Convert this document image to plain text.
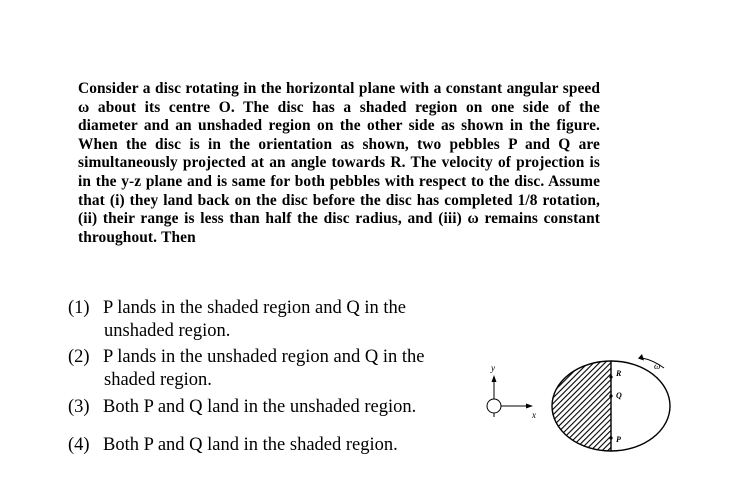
Consider a disc rotating in the horizontal plane with a constant angular speed ω about its centre O. The disc has a shaded region on one side of the diameter and an unshaded region on the other side as shown in the figure. When the disc is in the orientation as shown, two pebbles P and Q are simultaneously projected at an angle towards R. The velocity of projection is in the y-z plane and is same for both pebbles with respect to the disc. Assume that (i) they land back on the disc before the disc has completed 1/8 rotation, (ii) their range is less than half the disc radius, and (iii) ω remains constant throughout. Then
(1) P lands in the shaded region and Q in the

unshaded region.
(2) P lands in the unshaded region and Q in the

shaded region.
(3) Both P and Q land in the unshaded region.
(4) Both P and Q land in the shaded region.
y
x
R
Q
P
ω
